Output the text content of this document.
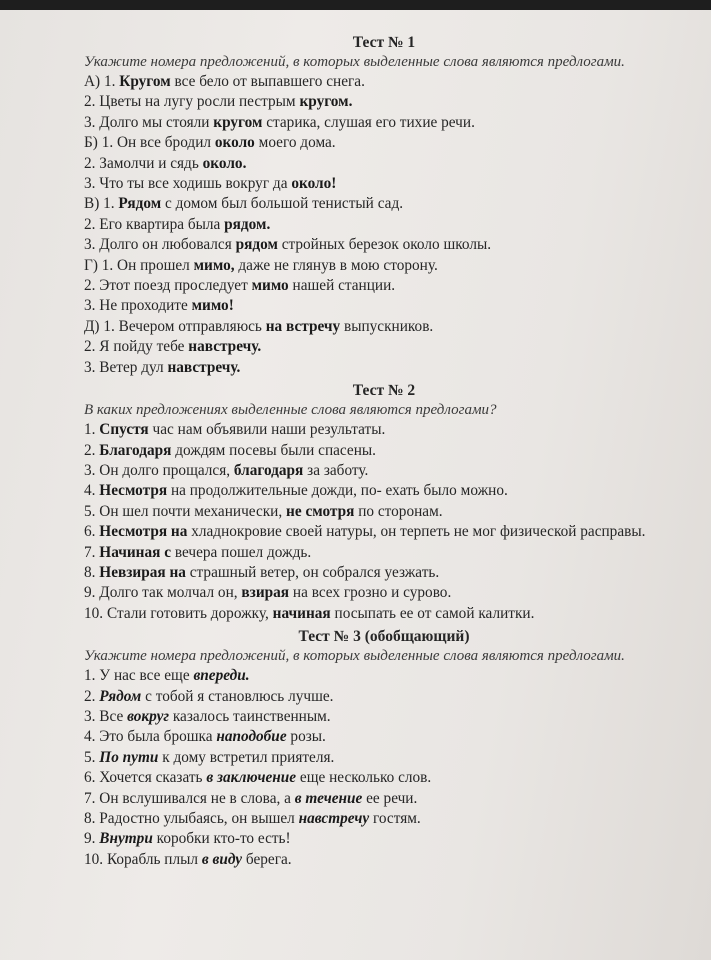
Тест № 1
Укажите номера предложений, в которых выделенные слова являются предлогами.
А) 1. Кругом все бело от выпавшего снега.
2. Цветы на лугу росли пестрым кругом.
3. Долго мы стояли кругом старика, слушая его тихие речи.
Б) 1. Он все бродил около моего дома.
2. Замолчи и сядь около.
3. Что ты все ходишь вокруг да около!
В) 1. Рядом с домом был большой тенистый сад.
2. Его квартира была рядом.
3. Долго он любовался рядом стройных березок около школы.
Г) 1. Он прошел мимо, даже не глянув в мою сторону.
2. Этот поезд проследует мимо нашей станции.
3. Не проходите мимо!
Д) 1. Вечером отправляюсь на встречу выпускников.
2. Я пойду тебе навстречу.
3. Ветер дул навстречу.
Тест № 2
В каких предложениях выделенные слова являются предлогами?
1. Спустя час нам объявили наши результаты.
2. Благодаря дождям посевы были спасены.
3. Он долго прощался, благодаря за заботу.
4. Несмотря на продолжительные дожди, по- ехать было можно.
5. Он шел почти механически, не смотря по сторонам.
6. Несмотря на хладнокровие своей натуры, он терпеть не мог физической расправы.
7. Начиная с вечера пошел дождь.
8. Невзирая на страшный ветер, он собрался уезжать.
9. Долго так молчал он, взирая на всех грозно и сурово.
10. Стали готовить дорожку, начиная посыпать ее от самой калитки.
Тест № 3 (обобщающий)
Укажите номера предложений, в которых выделенные слова являются предлогами.
1. У нас все еще впереди.
2. Рядом с тобой я становлюсь лучше.
3. Все вокруг казалось таинственным.
4. Это была брошка наподобие розы.
5. По пути к дому встретил приятеля.
6. Хочется сказать в заключение еще несколько слов.
7. Он вслушивался не в слова, а в течение ее речи.
8. Радостно улыбаясь, он вышел навстречу гостям.
9. Внутри коробки кто-то есть!
10. Корабль плыл в виду берега.
